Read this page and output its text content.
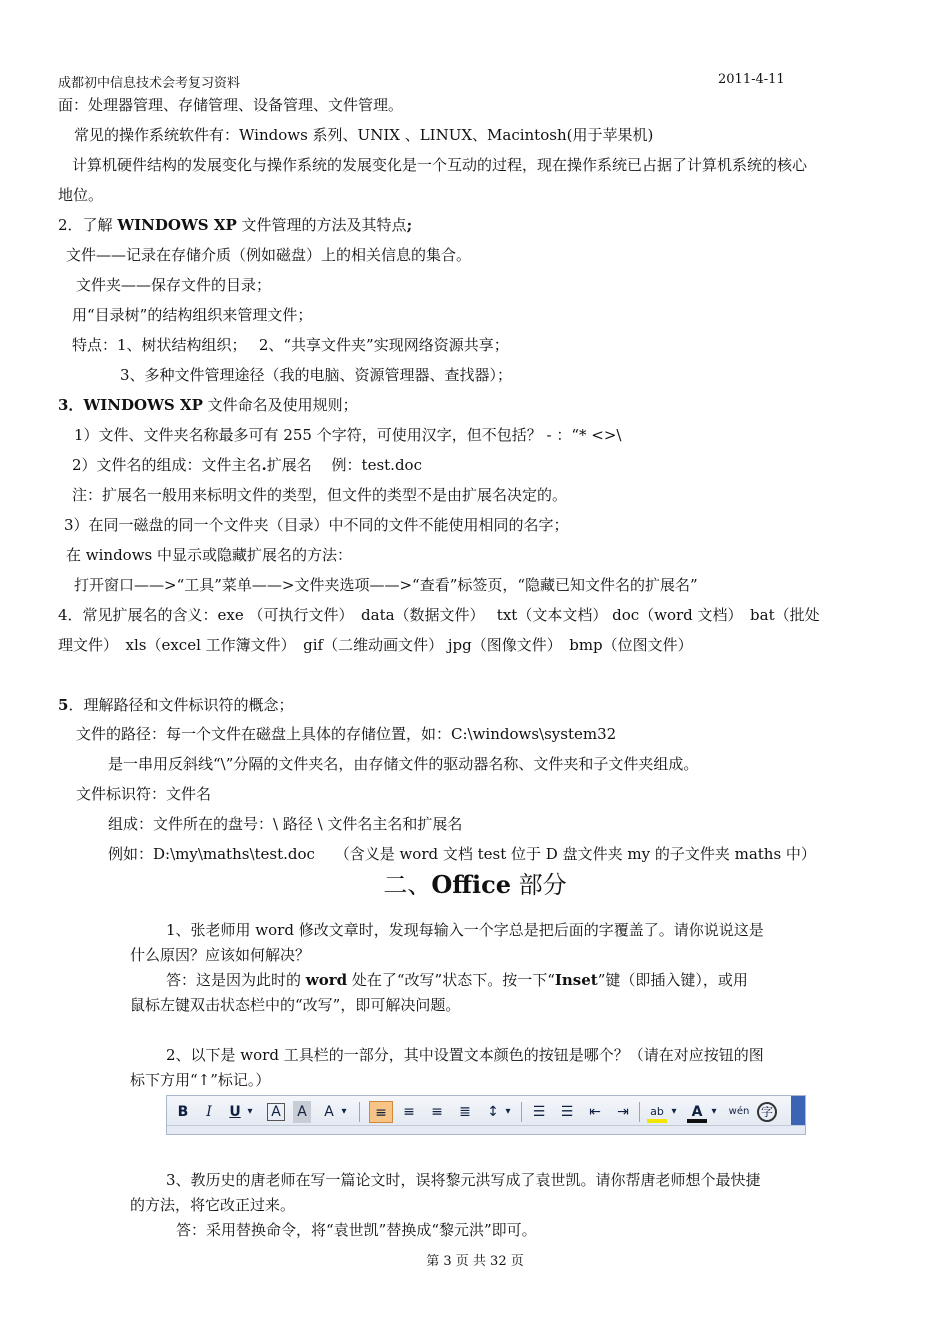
成都初中信息技术会考复习资料	2011-4-11
面：处理器管理、存储管理、设备管理、文件管理。
常见的操作系统软件有：Windows 系列、UNIX 、LINUX、Macintosh(用于苹果机)
计算机硬件结构的发展变化与操作系统的发展变化是一个互动的过程，现在操作系统已占据了计算机系统的核心
地位。
2．了解 WINDOWS XP 文件管理的方法及其特点;
文件——记录在存储介质（例如磁盘）上的相关信息的集合。
文件夹——保存文件的目录；
用“目录树”的结构组织来管理文件；
特点：1、树状结构组织；　 2、“共享文件夹”实现网络资源共享；
3、多种文件管理途径（我的电脑、资源管理器、查找器）；
3．WINDOWS XP 文件命名及使用规则；
1）文件、文件夹名称最多可有 255 个字符，可使用汉字，但不包括？ - ：“* <>\
2）文件名的组成：文件主名.扩展名　 例：test.doc
注：扩展名一般用来标明文件的类型，但文件的类型不是由扩展名决定的。
3）在同一磁盘的同一个文件夹（目录）中不同的文件不能使用相同的名字；
在 windows 中显示或隐藏扩展名的方法：
打开窗口——>“工具”菜单——>文件夹选项——>“查看”标签页，“隐藏已知文件名的扩展名”
4．常见扩展名的含义：exe （可执行文件）　data（数据文件）　 txt（文本文档） doc（word 文档）　bat（批处
理文件）　xls（excel 工作簿文件）　gif（二维动画文件） jpg（图像文件）　bmp（位图文件）
5．理解路径和文件标识符的概念；
文件的路径：每一个文件在磁盘上具体的存储位置，如：C:\windows\system32
是一串用反斜线“\”分隔的文件夹名，由存储文件的驱动器名称、文件夹和子文件夹组成。
文件标识符：文件名
组成：文件所在的盘号：\ 路径 \ 文件名主名和扩展名
例如：D:\my\maths\test.doc　 （含义是 word 文档 test 位于 D 盘文件夹 my 的子文件夹 maths 中）
二、Office 部分
1、张老师用 word 修改文章时，发现每输入一个字总是把后面的字覆盖了。请你说说这是
什么原因？应该如何解决？
答：这是因为此时的 word 处在了“改写”状态下。按一下“Inset”键（即插入键），或用
鼠标左键双击状态栏中的“改写”，即可解决问题。
2、以下是 word 工具栏的一部分，其中设置文本颜色的按钮是哪个？（请在对应按钮的图
标下方用“↑”标记。）
B	I	U ▾	A	A	A ▾	≡	≡ ≡ ≣ ↕ ▾ ☰ ☰ ⇤ ⇥	ab ▾	A ▾ wén 字
3、教历史的唐老师在写一篇论文时，误将黎元洪写成了袁世凯。请你帮唐老师想个最快捷
的方法，将它改正过来。
答：采用替换命令，将“袁世凯”替换成“黎元洪”即可。
第 3 页 共 32 页
